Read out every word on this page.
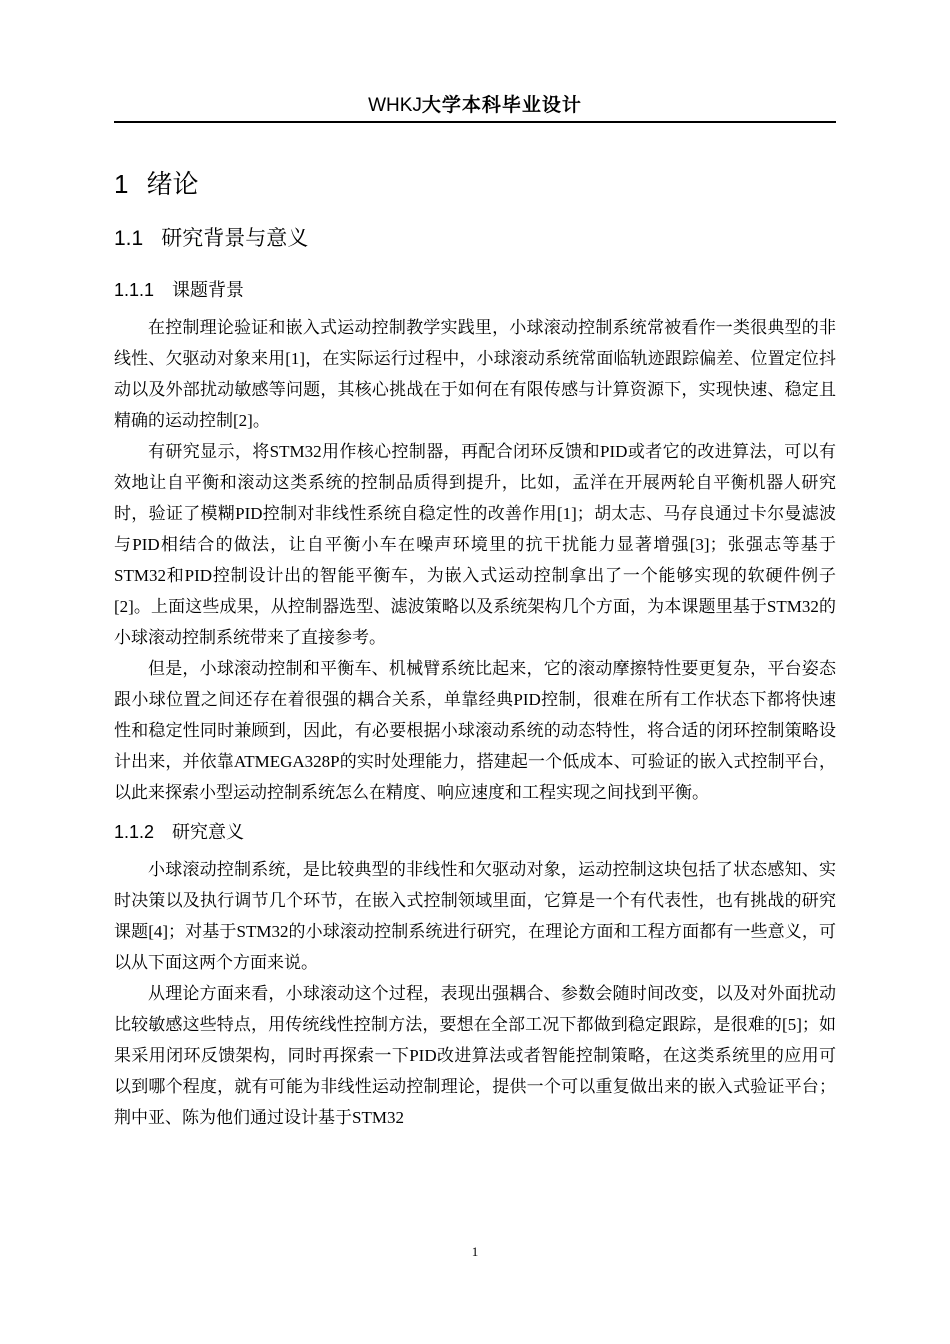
WHKJ大学本科毕业设计
1 绪论
1.1 研究背景与意义
1.1.1 课题背景

在控制理论验证和嵌入式运动控制教学实践里，小球滚动控制系统常被看作一类很典型的非线性、欠驱动对象来用[1]，在实际运行过程中，小球滚动系统常面临轨迹跟踪偏差、位置定位抖动以及外部扰动敏感等问题，其核心挑战在于如何在有限传感与计算资源下，实现快速、稳定且精确的运动控制[2]。

有研究显示，将STM32用作核心控制器，再配合闭环反馈和PID或者它的改进算法，可以有效地让自平衡和滚动这类系统的控制品质得到提升，比如，孟洋在开展两轮自平衡机器人研究时，验证了模糊PID控制对非线性系统自稳定性的改善作用[1]；胡太志、马存良通过卡尔曼滤波与PID相结合的做法，让自平衡小车在噪声环境里的抗干扰能力显著增强[3]；张强志等基于STM32和PID控制设计出的智能平衡车，为嵌入式运动控制拿出了一个能够实现的软硬件例子[2]。上面这些成果，从控制器选型、滤波策略以及系统架构几个方面，为本课题里基于STM32的小球滚动控制系统带来了直接参考。

但是，小球滚动控制和平衡车、机械臂系统比起来，它的滚动摩擦特性要更复杂，平台姿态跟小球位置之间还存在着很强的耦合关系，单靠经典PID控制，很难在所有工作状态下都将快速性和稳定性同时兼顾到，因此，有必要根据小球滚动系统的动态特性，将合适的闭环控制策略设计出来，并依靠ATMEGA328P的实时处理能力，搭建起一个低成本、可验证的嵌入式控制平台，以此来探索小型运动控制系统怎么在精度、响应速度和工程实现之间找到平衡。

1.1.2 研究意义

小球滚动控制系统，是比较典型的非线性和欠驱动对象，运动控制这块包括了状态感知、实时决策以及执行调节几个环节，在嵌入式控制领域里面，它算是一个有代表性，也有挑战的研究课题[4]；对基于STM32的小球滚动控制系统进行研究，在理论方面和工程方面都有一些意义，可以从下面这两个方面来说。

从理论方面来看，小球滚动这个过程，表现出强耦合、参数会随时间改变，以及对外面扰动比较敏感这些特点，用传统线性控制方法，要想在全部工况下都做到稳定跟踪，是很难的[5]；如果采用闭环反馈架构，同时再探索一下PID改进算法或者智能控制策略，在这类系统里的应用可以到哪个程度，就有可能为非线性运动控制理论，提供一个可以重复做出来的嵌入式验证平台；荆中亚、陈为他们通过设计基于STM32

1
